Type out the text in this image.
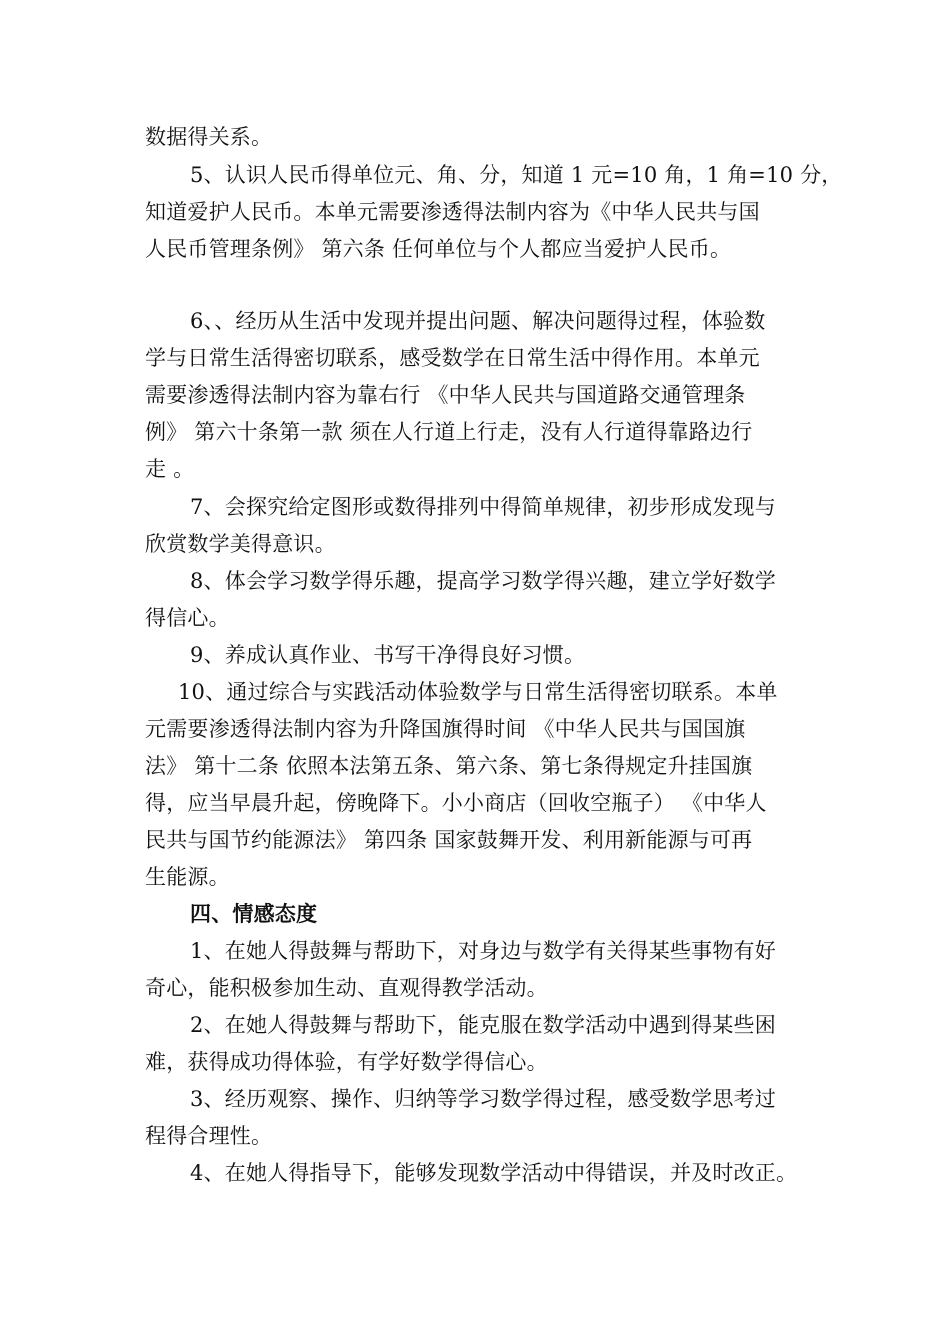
数据得关系。
5、认识人民币得单位元、角、分，知道 1 元=10 角，1 角=10 分，
知道爱护人民币。本单元需要渗透得法制内容为《中华人民共与国
人民币管理条例》 第六条 任何单位与个人都应当爱护人民币。
6、、经历从生活中发现并提出问题、解决问题得过程，体验数
学与日常生活得密切联系，感受数学在日常生活中得作用。本单元
需要渗透得法制内容为靠右行 《中华人民共与国道路交通管理条
例》 第六十条第一款 须在人行道上行走，没有人行道得靠路边行
走 。
7、会探究给定图形或数得排列中得简单规律，初步形成发现与
欣赏数学美得意识。
8、体会学习数学得乐趣，提高学习数学得兴趣，建立学好数学
得信心。
9、养成认真作业、书写干净得良好习惯。
10、通过综合与实践活动体验数学与日常生活得密切联系。本单
元需要渗透得法制内容为升降国旗得时间 《中华人民共与国国旗
法》 第十二条 依照本法第五条、第六条、第七条得规定升挂国旗
得，应当早晨升起，傍晚降下。小小商店（回收空瓶子） 《中华人
民共与国节约能源法》 第四条 国家鼓舞开发、利用新能源与可再
生能源。
四、情感态度
1、在她人得鼓舞与帮助下，对身边与数学有关得某些事物有好
奇心，能积极参加生动、直观得教学活动。
2、在她人得鼓舞与帮助下，能克服在数学活动中遇到得某些困
难，获得成功得体验，有学好数学得信心。
3、经历观察、操作、归纳等学习数学得过程，感受数学思考过
程得合理性。
4、在她人得指导下，能够发现数学活动中得错误，并及时改正。
